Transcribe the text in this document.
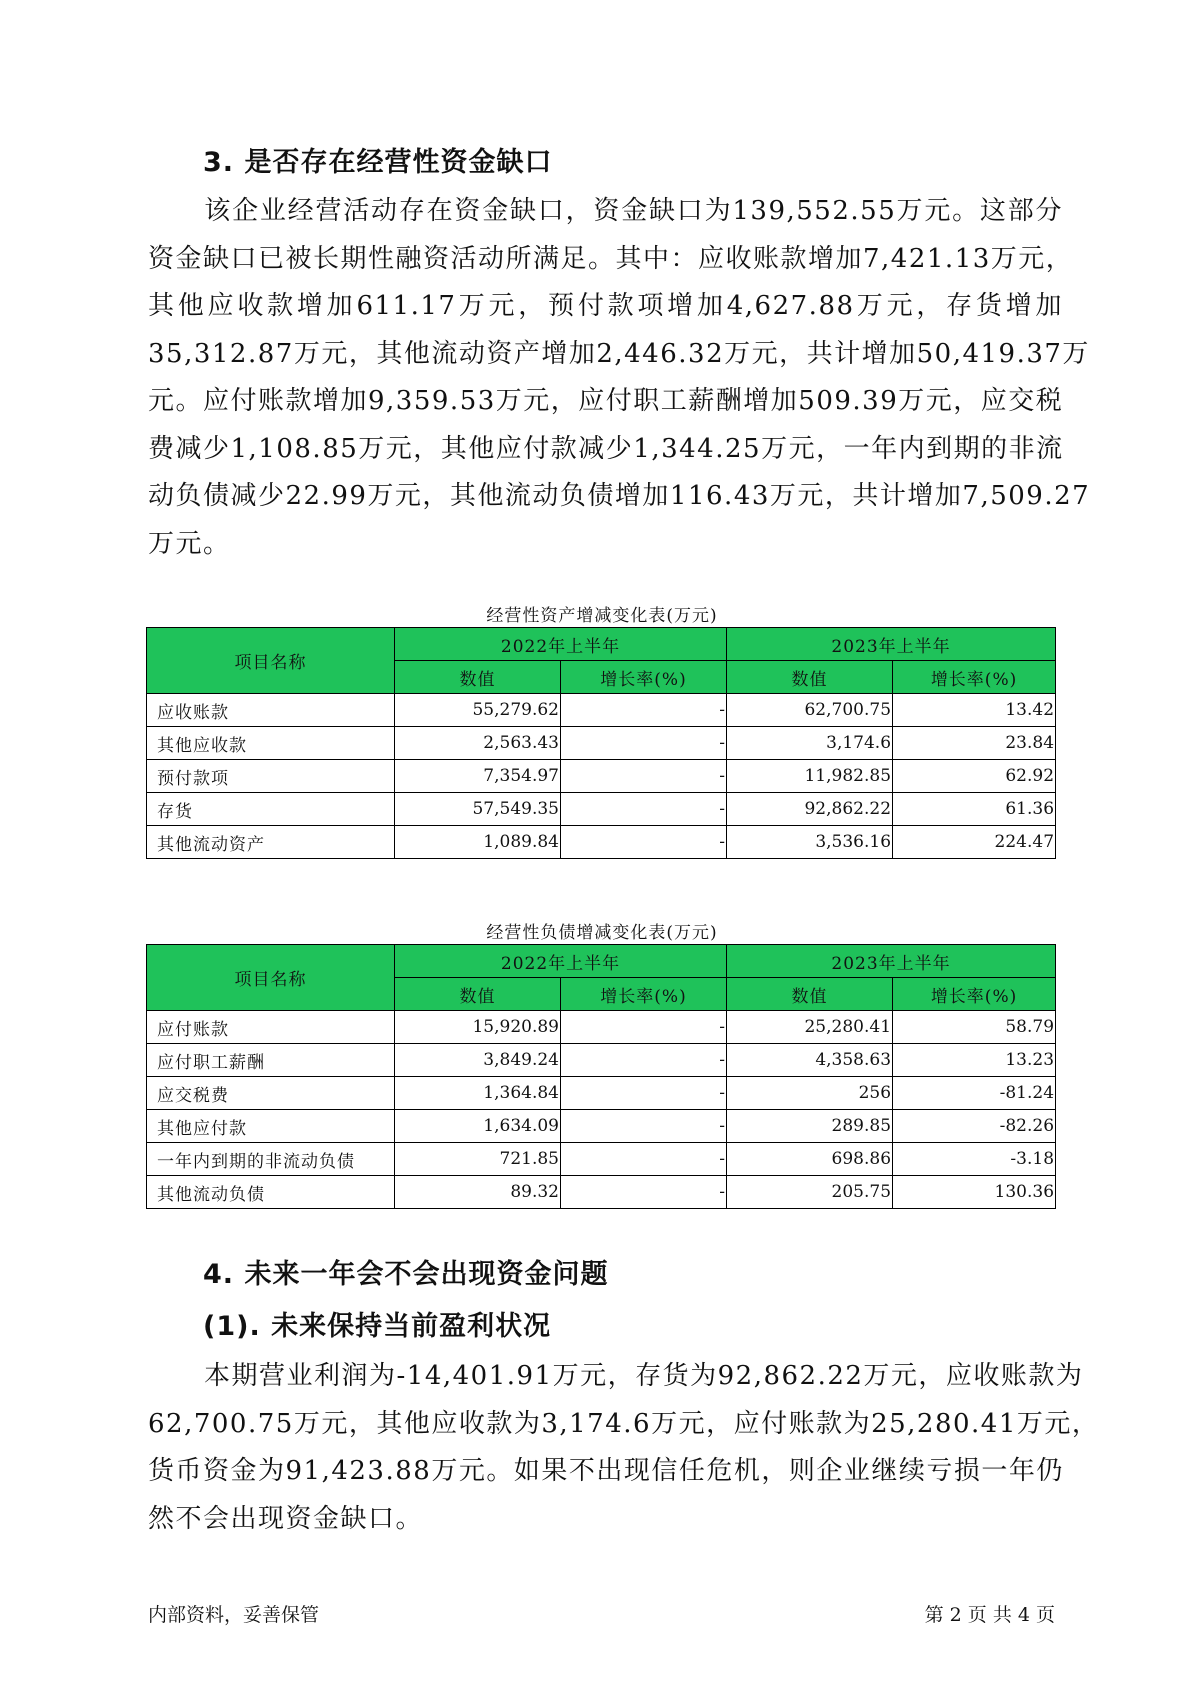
3. 是否存在经营性资金缺口

该企业经营活动存在资金缺口，资金缺口为139,552.55万元。这部分
资金缺口已被长期性融资活动所满足。其中：应收账款增加7,421.13万元，
其他应收款增加611.17万元，预付款项增加4,627.88万元，存货增加
35,312.87万元，其他流动资产增加2,446.32万元，共计增加50,419.37万
元。应付账款增加9,359.53万元，应付职工薪酬增加509.39万元，应交税
费减少1,108.85万元，其他应付款减少1,344.25万元，一年内到期的非流
动负债减少22.99万元，其他流动负债增加116.43万元，共计增加7,509.27
万元。

经营性资产增减变化表(万元)
项目名称	2022年上半年		2023年上半年	
	数值	增长率(%)	数值	增长率(%)
应收账款	55,279.62	-	62,700.75	13.42
其他应收款	2,563.43	-	3,174.6	23.84
预付款项	7,354.97	-	11,982.85	62.92
存货	57,549.35	-	92,862.22	61.36
其他流动资产	1,089.84	-	3,536.16	224.47
经营性负债增减变化表(万元)
项目名称	2022年上半年		2023年上半年	
	数值	增长率(%)	数值	增长率(%)
应付账款	15,920.89	-	25,280.41	58.79
应付职工薪酬	3,849.24	-	4,358.63	13.23
应交税费	1,364.84	-	256	-81.24
其他应付款	1,634.09	-	289.85	-82.26
一年内到期的非流动负债	721.85	-	698.86	-3.18
其他流动负债	89.32	-	205.75	130.36
4. 未来一年会不会出现资金问题
(1). 未来保持当前盈利状况

本期营业利润为-14,401.91万元，存货为92,862.22万元，应收账款为
62,700.75万元，其他应收款为3,174.6万元，应付账款为25,280.41万元，
货币资金为91,423.88万元。如果不出现信任危机，则企业继续亏损一年仍
然不会出现资金缺口。

内部资料，妥善保管	第 2 页 共 4 页
